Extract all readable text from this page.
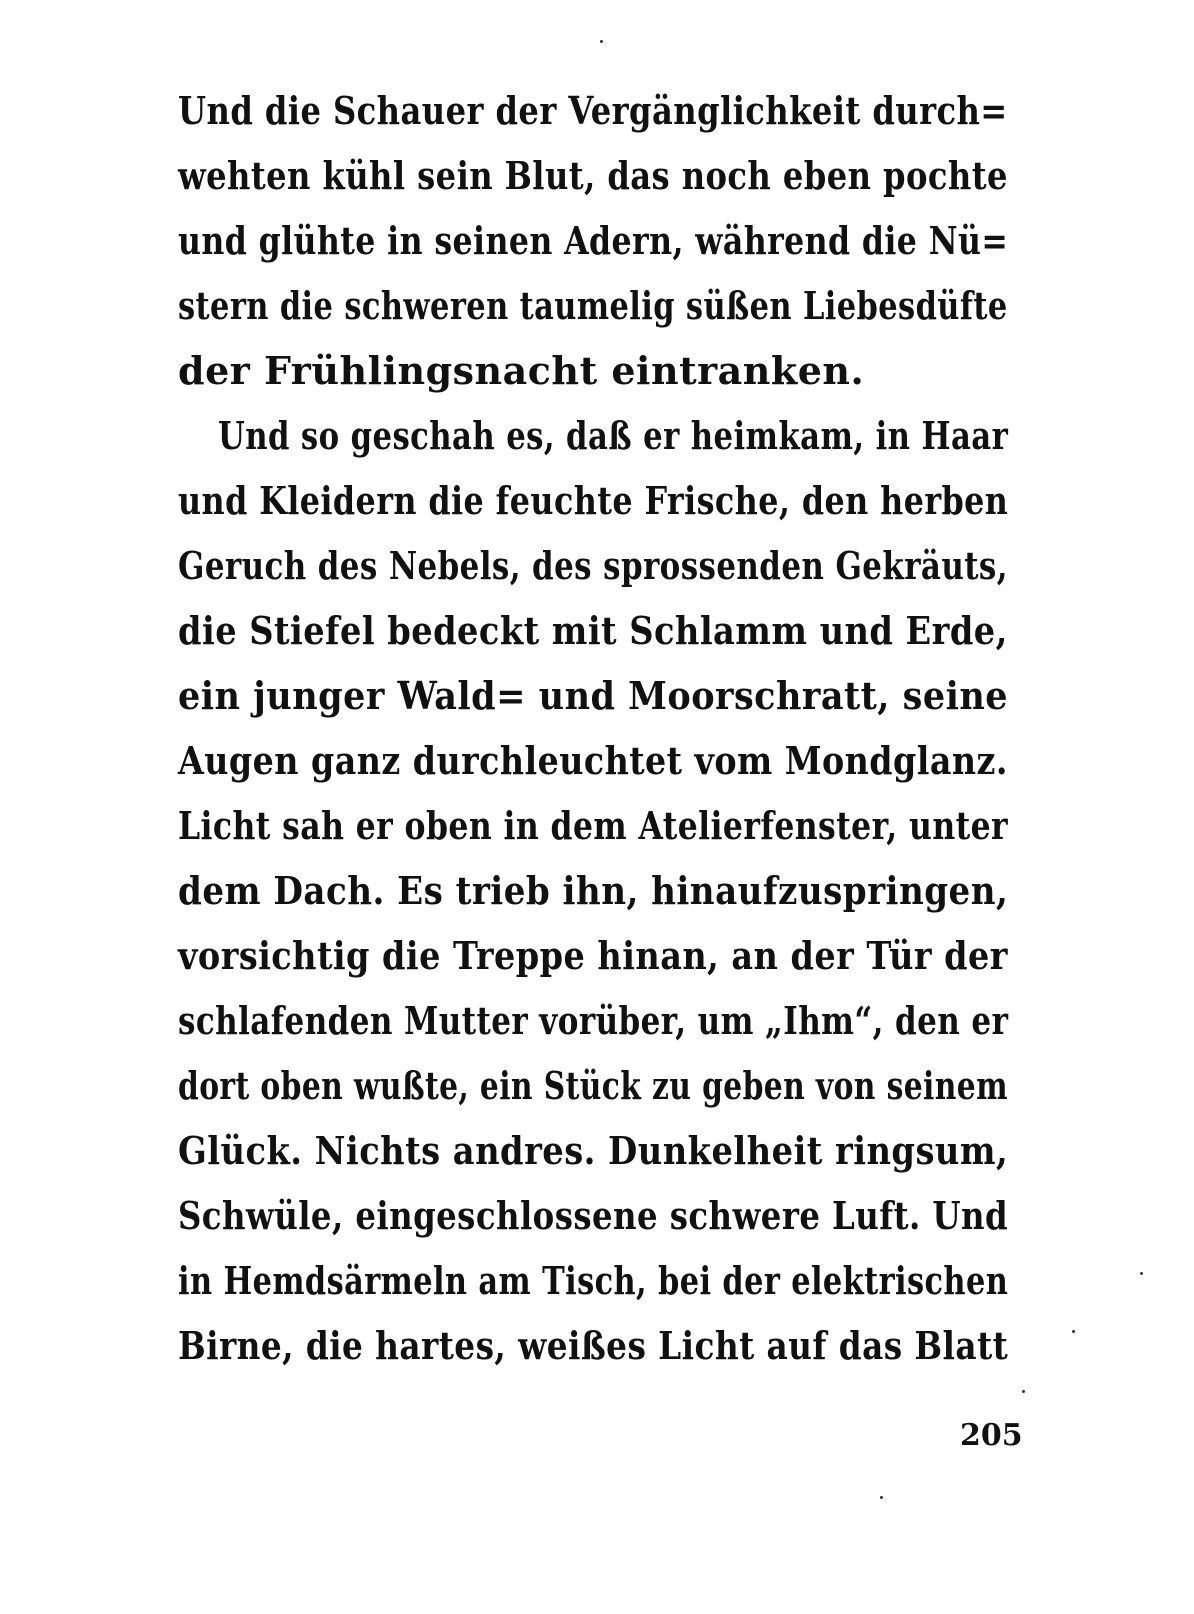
Und die Schauer der Vergänglichkeit durch=
wehten kühl sein Blut, das noch eben pochte
und glühte in seinen Adern, während die Nü=
stern die schweren taumelig süßen Liebesdüfte
der Frühlingsnacht eintranken.
Und so geschah es, daß er heimkam, in Haar
und Kleidern die feuchte Frische, den herben
Geruch des Nebels, des sprossenden Gekräuts,
die Stiefel bedeckt mit Schlamm und Erde,
ein junger Wald= und Moorschratt, seine
Augen ganz durchleuchtet vom Mondglanz.
Licht sah er oben in dem Atelierfenster, unter
dem Dach. Es trieb ihn, hinaufzuspringen,
vorsichtig die Treppe hinan, an der Tür der
schlafenden Mutter vorüber, um „Ihm“, den er
dort oben wußte, ein Stück zu geben von seinem
Glück. Nichts andres. Dunkelheit ringsum,
Schwüle, eingeschlossene schwere Luft. Und
in Hemdsärmeln am Tisch, bei der elektrischen
Birne, die hartes, weißes Licht auf das Blatt
205
